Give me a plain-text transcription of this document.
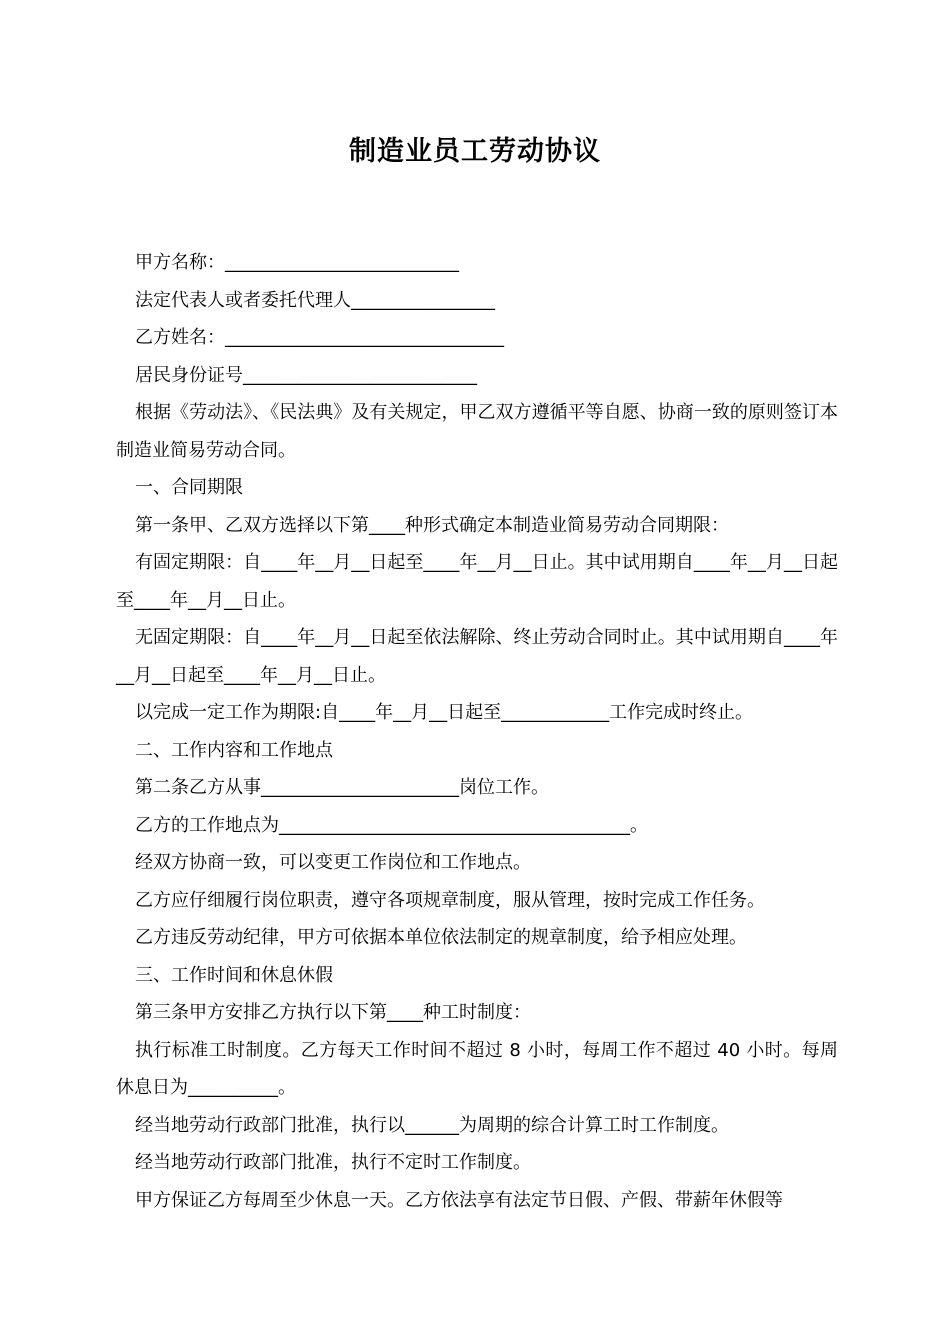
制造业员工劳动协议

甲方名称：__________________________

法定代表人或者委托代理人________________

乙方姓名：_______________________________

居民身份证号__________________________

根据《劳动法》、《民法典》及有关规定，甲乙双方遵循平等自愿、协商一致的原则签订本制造业简易劳动合同。

一、合同期限

第一条甲、乙双方选择以下第____种形式确定本制造业简易劳动合同期限：

有固定期限：自____年__月__日起至____年__月__日止。其中试用期自____年__月__日起至____年__月__日止。

无固定期限：自____年__月__日起至依法解除、终止劳动合同时止。其中试用期自____年__月__日起至____年__月__日止。

以完成一定工作为期限:自____年__月__日起至____________工作完成时终止。

二、工作内容和工作地点

第二条乙方从事______________________岗位工作。

乙方的工作地点为_______________________________________。

经双方协商一致，可以变更工作岗位和工作地点。

乙方应仔细履行岗位职责，遵守各项规章制度，服从管理，按时完成工作任务。

乙方违反劳动纪律，甲方可依据本单位依法制定的规章制度，给予相应处理。

三、工作时间和休息休假

第三条甲方安排乙方执行以下第____种工时制度：

执行标准工时制度。乙方每天工作时间不超过 8 小时，每周工作不超过 40 小时。每周休息日为__________。

经当地劳动行政部门批准，执行以______为周期的综合计算工时工作制度。

经当地劳动行政部门批准，执行不定时工作制度。

甲方保证乙方每周至少休息一天。乙方依法享有法定节日假、产假、带薪年休假等
